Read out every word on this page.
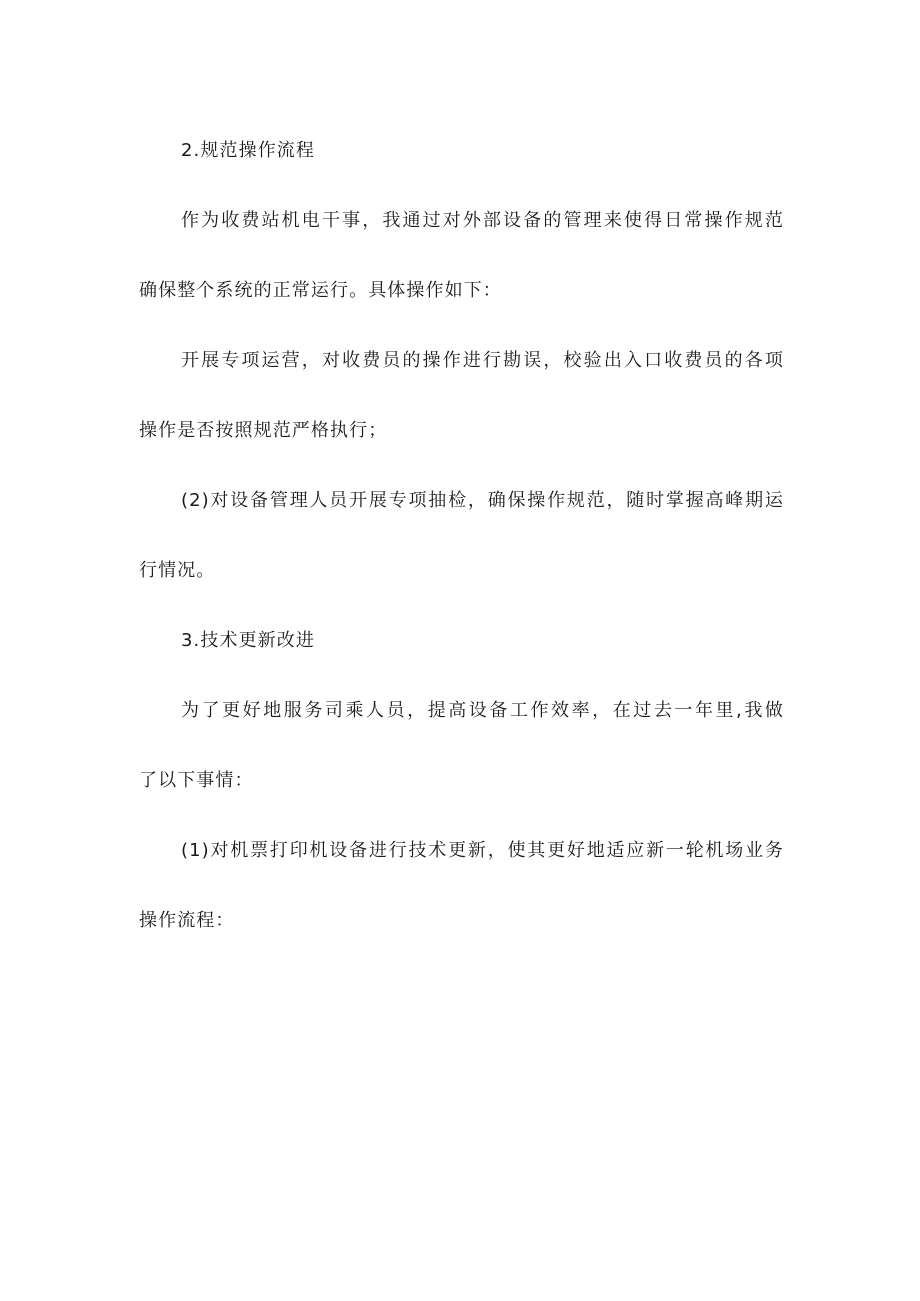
2.规范操作流程
作为收费站机电干事，我通过对外部设备的管理来使得日常操作规范
确保整个系统的正常运行。具体操作如下：
开展专项运营，对收费员的操作进行勘误，校验出入口收费员的各项
操作是否按照规范严格执行；
(2)对设备管理人员开展专项抽检，确保操作规范，随时掌握高峰期运
行情况。
3.技术更新改进
为了更好地服务司乘人员，提高设备工作效率，在过去一年里,我做
了以下事情：
(1)对机票打印机设备进行技术更新，使其更好地适应新一轮机场业务
操作流程：
